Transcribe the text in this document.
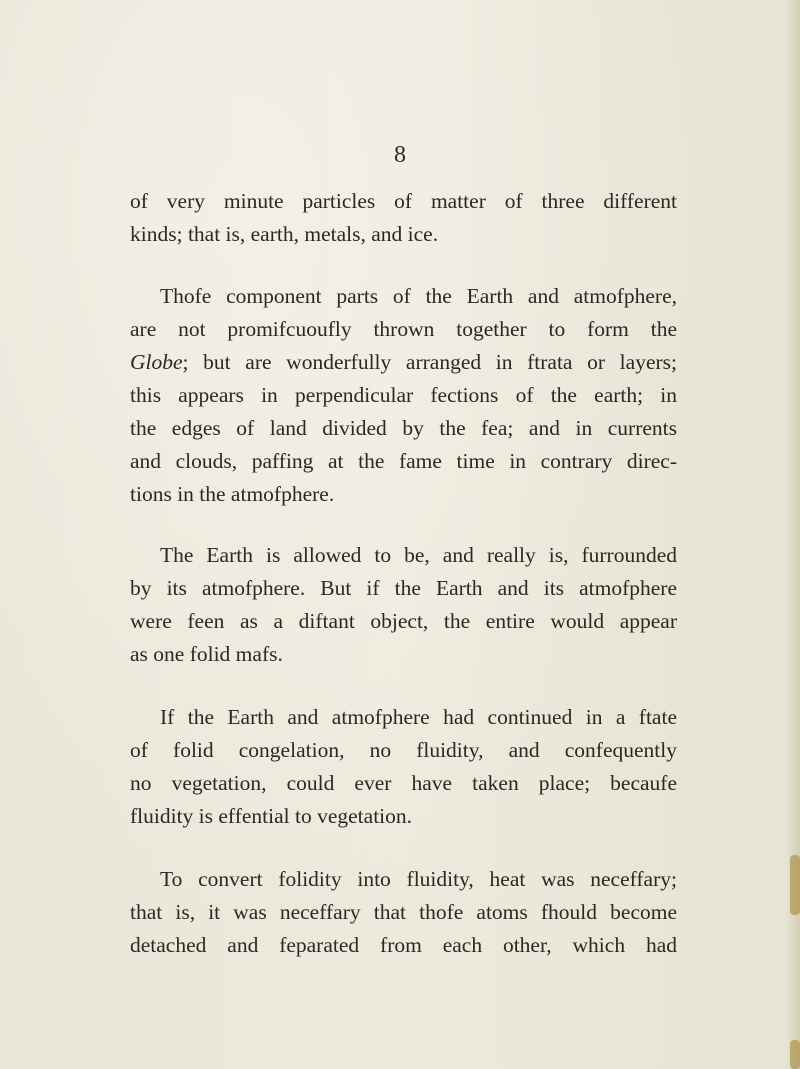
8
of very minute particles of matter of three different
kinds; that is, earth, metals, and ice.
Thofe component parts of the Earth and atmofphere,
are not promifcuoufly thrown together to form the
Globe; but are wonderfully arranged in ftrata or layers;
this appears in perpendicular fections of the earth; in
the edges of land divided by the fea; and in currents
and clouds, paffing at the fame time in contrary direc-
tions in the atmofphere.
The Earth is allowed to be, and really is, furrounded
by its atmofphere. But if the Earth and its atmofphere
were feen as a diftant object, the entire would appear
as one folid mafs.
If the Earth and atmofphere had continued in a ftate
of folid congelation, no fluidity, and confequently
no vegetation, could ever have taken place; becaufe
fluidity is effential to vegetation.
To convert folidity into fluidity, heat was neceffary;
that is, it was neceffary that thofe atoms fhould become
detached and feparated from each other, which had
